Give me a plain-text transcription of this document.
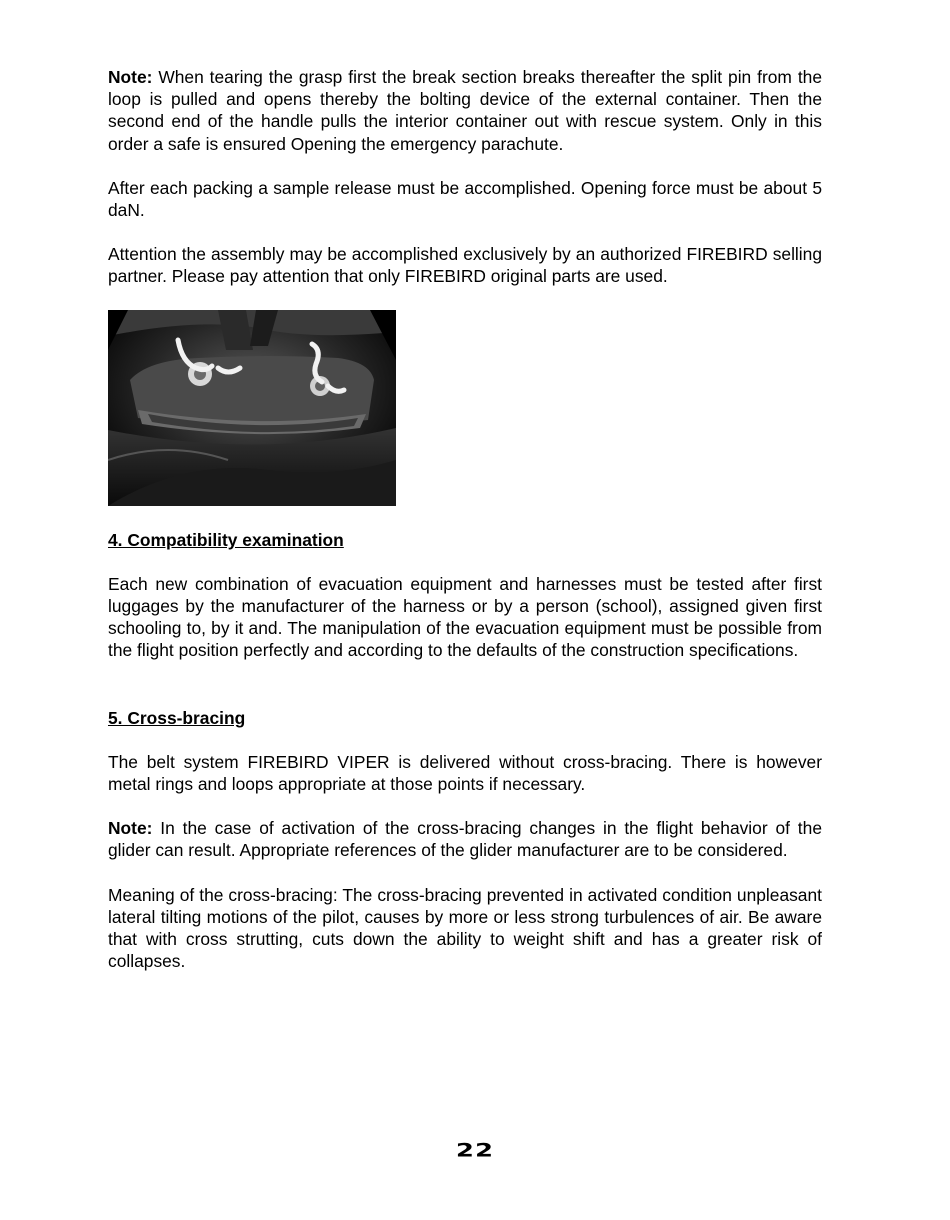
Note: When tearing the grasp first the break section breaks thereafter the split pin from the loop is pulled and opens thereby the bolting device of the external container. Then the second end of the handle pulls the interior container out with rescue system. Only in this order a safe is ensured Opening the emergency parachute.

After each packing a sample release must be accomplished. Opening force must be about 5 daN.

Attention the assembly may be accomplished exclusively by an authorized FIREBIRD selling partner. Please pay attention that only FIREBIRD original parts are used.

4. Compatibility examination

Each new combination of evacuation equipment and harnesses must be tested after first luggages by the manufacturer of the harness or by a person (school), assigned given first schooling to, by it and. The manipulation of the evacuation equipment must be possible from the flight position perfectly and according to the defaults of the construction specifications.

5. Cross-bracing

The belt system FIREBIRD VIPER is delivered without cross-bracing. There is however metal rings and loops appropriate at those points if necessary.

Note: In the case of activation of the cross-bracing changes in the flight behavior of the glider can result. Appropriate references of the glider manufacturer are to be considered.

Meaning of the cross-bracing: The cross-bracing prevented in activated condition unpleasant lateral tilting motions of the pilot, causes by more or less strong turbulences of air. Be aware that with cross strutting, cuts down the ability to weight shift and has a greater risk of collapses.

22
